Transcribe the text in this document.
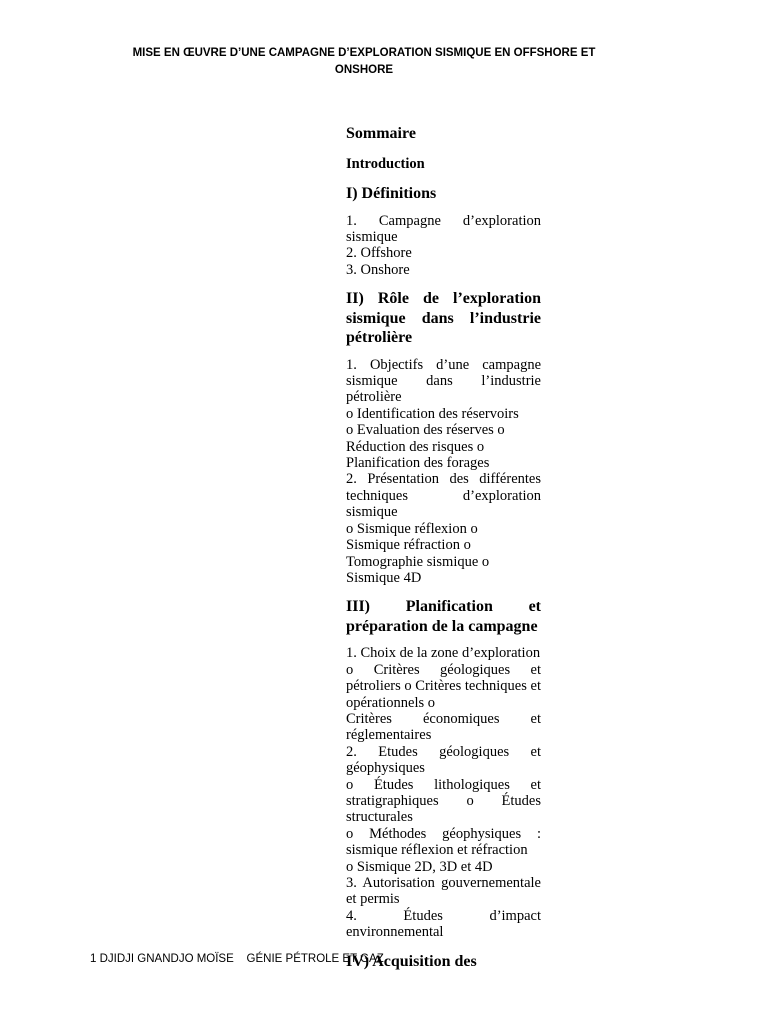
MISE EN ŒUVRE D’UNE CAMPAGNE D’EXPLORATION SISMIQUE EN OFFSHORE ET
ONSHORE

Sommaire

Introduction

I) Définitions

1. Campagne d’exploration sismique

2. Offshore

3. Onshore

II) Rôle de l’exploration sismique dans l’industrie pétrolière

1. Objectifs d’une campagne sismique dans l’industrie pétrolière

o Identification des réservoirs

o Evaluation des réserves o

Réduction des risques o

Planification des forages

2. Présentation des différentes techniques d’exploration sismique

o Sismique réflexion o

Sismique réfraction o

Tomographie sismique o

Sismique 4D

III) Planification et préparation de la campagne

1. Choix de la zone d’exploration

o Critères géologiques et pétroliers o Critères techniques et opérationnels o

Critères économiques et réglementaires

2. Etudes géologiques et géophysiques

o Études lithologiques et stratigraphiques o Études structurales

o Méthodes géophysiques : sismique réflexion et réfraction

o Sismique 2D, 3D et 4D

3. Autorisation gouvernementale et permis

4. Études d’impact environnemental

IV) Acquisition des

1 DJIDJI GNANDJO MOÏSE    GÉNIE PÉTROLE ET GAZ
